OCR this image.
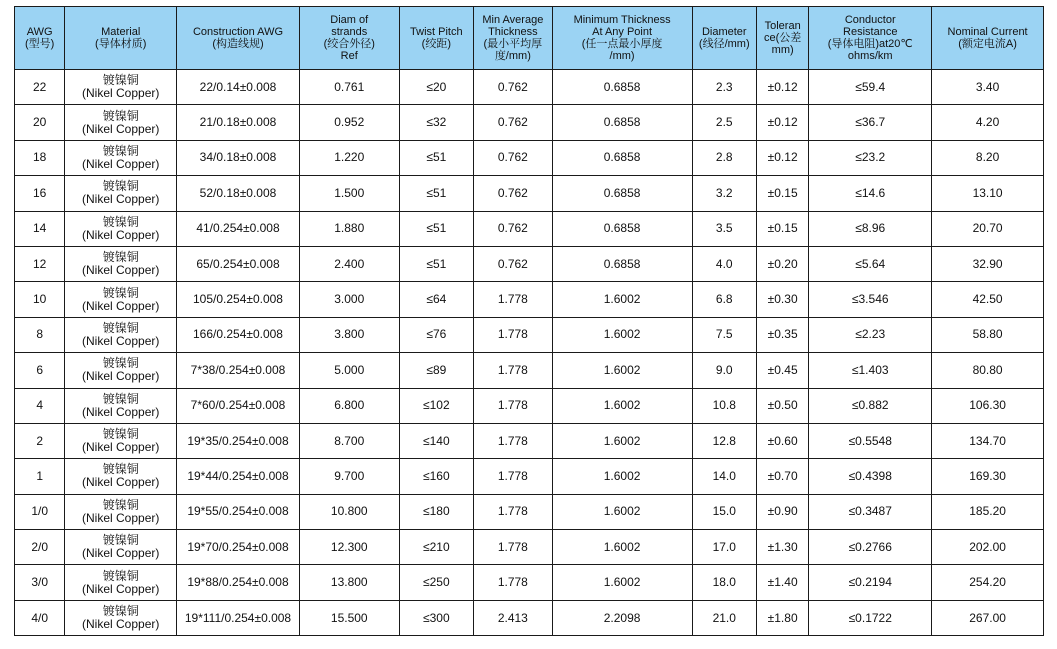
AWG
(型号)	Material
(导体材质)	Construction AWG
(构造线规)	Diam of
strands
(绞合外径)
Ref	Twist Pitch
(绞距)	Min Average
Thickness
(最小平均厚
度/mm)	Minimum Thickness
At Any Point
(任一点最小厚度
/mm)	Diameter
(线径/mm)	Toleran
ce(公差
mm)	Conductor
Resistance
(导体电阻)at20℃
ohms/km	Nominal Current
(额定电流A)

22	镀镍铜
(Nikel Copper)	22/0.14±0.008	0.761	≤20	0.762	0.6858	2.3	±0.12	≤59.4	3.40
20	镀镍铜
(Nikel Copper)	21/0.18±0.008	0.952	≤32	0.762	0.6858	2.5	±0.12	≤36.7	4.20
18	镀镍铜
(Nikel Copper)	34/0.18±0.008	1.220	≤51	0.762	0.6858	2.8	±0.12	≤23.2	8.20
16	镀镍铜
(Nikel Copper)	52/0.18±0.008	1.500	≤51	0.762	0.6858	3.2	±0.15	≤14.6	13.10
14	镀镍铜
(Nikel Copper)	41/0.254±0.008	1.880	≤51	0.762	0.6858	3.5	±0.15	≤8.96	20.70
12	镀镍铜
(Nikel Copper)	65/0.254±0.008	2.400	≤51	0.762	0.6858	4.0	±0.20	≤5.64	32.90
10	镀镍铜
(Nikel Copper)	105/0.254±0.008	3.000	≤64	1.778	1.6002	6.8	±0.30	≤3.546	42.50
8	镀镍铜
(Nikel Copper)	166/0.254±0.008	3.800	≤76	1.778	1.6002	7.5	±0.35	≤2.23	58.80
6	镀镍铜
(Nikel Copper)	7*38/0.254±0.008	5.000	≤89	1.778	1.6002	9.0	±0.45	≤1.403	80.80
4	镀镍铜
(Nikel Copper)	7*60/0.254±0.008	6.800	≤102	1.778	1.6002	10.8	±0.50	≤0.882	106.30
2	镀镍铜
(Nikel Copper)	19*35/0.254±0.008	8.700	≤140	1.778	1.6002	12.8	±0.60	≤0.5548	134.70
1	镀镍铜
(Nikel Copper)	19*44/0.254±0.008	9.700	≤160	1.778	1.6002	14.0	±0.70	≤0.4398	169.30
1/0	镀镍铜
(Nikel Copper)	19*55/0.254±0.008	10.800	≤180	1.778	1.6002	15.0	±0.90	≤0.3487	185.20
2/0	镀镍铜
(Nikel Copper)	19*70/0.254±0.008	12.300	≤210	1.778	1.6002	17.0	±1.30	≤0.2766	202.00
3/0	镀镍铜
(Nikel Copper)	19*88/0.254±0.008	13.800	≤250	1.778	1.6002	18.0	±1.40	≤0.2194	254.20
4/0	镀镍铜
(Nikel Copper)	19*111/0.254±0.008	15.500	≤300	2.413	2.2098	21.0	±1.80	≤0.1722	267.00
